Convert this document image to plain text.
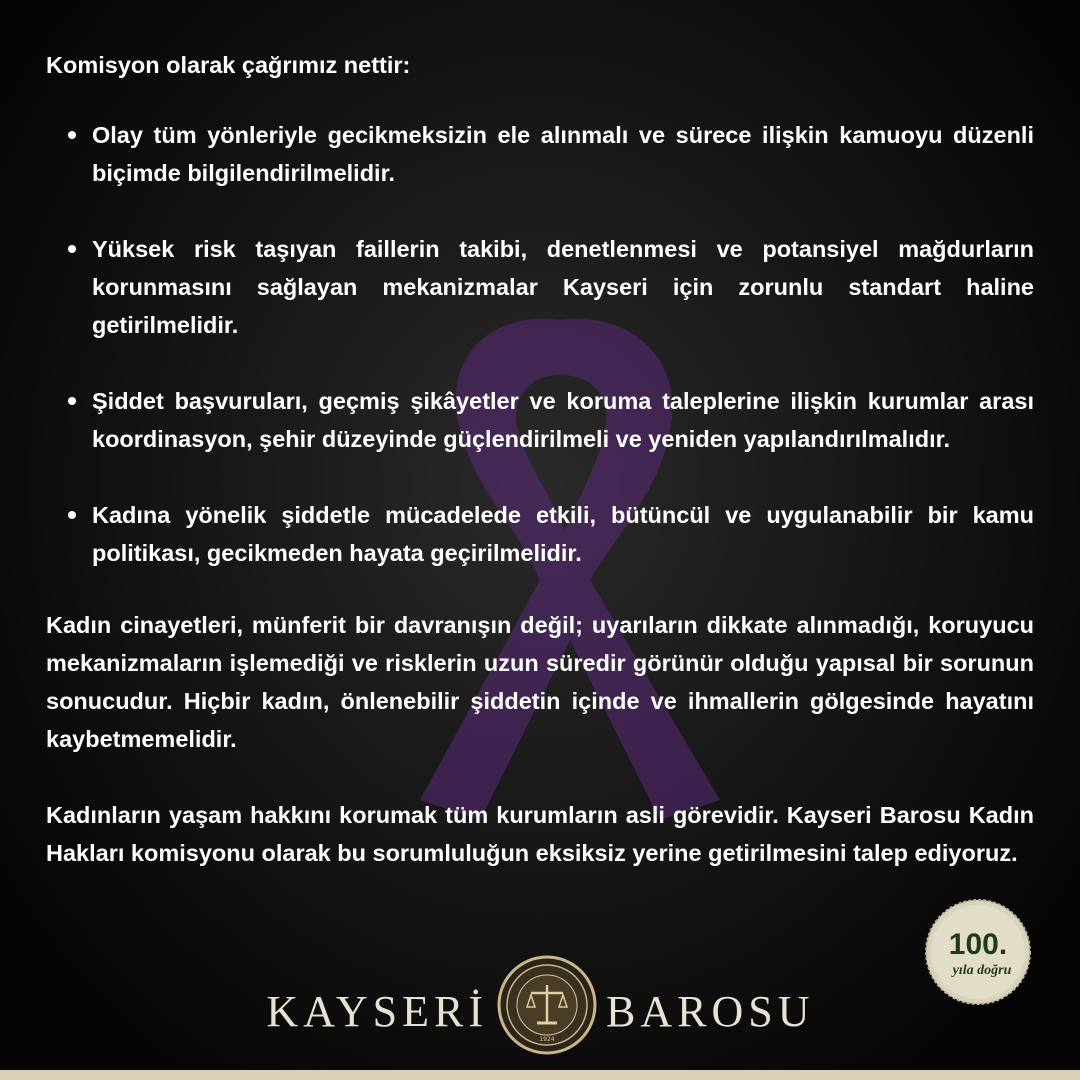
Komisyon olarak çağrımız nettir:

Olay tüm yönleriyle gecikmeksizin ele alınmalı ve sürece ilişkin kamuoyu düzenli biçimde bilgilendirilmelidir.
Yüksek risk taşıyan faillerin takibi, denetlenmesi ve potansiyel mağdurların korunmasını sağlayan mekanizmalar Kayseri için zorunlu standart haline getirilmelidir.
Şiddet başvuruları, geçmiş şikâyetler ve koruma taleplerine ilişkin kurumlar arası koordinasyon, şehir düzeyinde güçlendirilmeli ve yeniden yapılandırılmalıdır.
Kadına yönelik şiddetle mücadelede etkili, bütüncül ve uygulanabilir bir kamu politikası, gecikmeden hayata geçirilmelidir.

Kadın cinayetleri, münferit bir davranışın değil; uyarıların dikkate alınmadığı, koruyucu mekanizmaların işlemediği ve risklerin uzun süredir görünür olduğu yapısal bir sorunun sonucudur. Hiçbir kadın, önlenebilir şiddetin içinde ve ihmallerin gölgesinde hayatını kaybetmemelidir.

Kadınların yaşam hakkını korumak tüm kurumların asli görevidir. Kayseri Barosu Kadın Hakları komisyonu olarak bu sorumluluğun eksiksiz yerine getirilmesini talep ediyoruz.

100.
yıla doğru
KAYSERİ
1924
BAROSU
